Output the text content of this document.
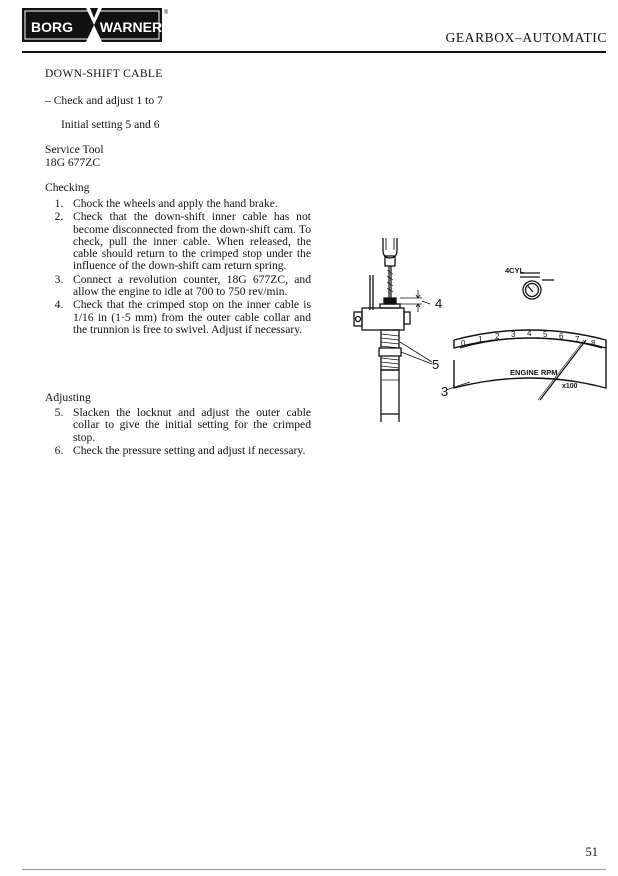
BORG WARNER
®
GEARBOX–AUTOMATIC
DOWN-SHIFT CABLE
– Check and adjust 1 to 7
Initial setting 5 and 6
Service Tool
18G 677ZC
Checking
1. Chock the wheels and apply the hand brake.
2. Check that the down-shift inner cable has not become disconnected from the down-shift cam. To check, pull the inner cable. When released, the cable should return to the crimped stop under the influence of the down-shift cam return spring.
3. Connect a revolution counter, 18G 677ZC, and allow the engine to idle at 700 to 750 rev/min.
4. Check that the crimped stop on the inner cable is 1/16 in (1·5 mm) from the outer cable collar and the trunnion is free to swivel. Adjust if necessary.
Adjusting
5. Slacken the locknut and adjust the outer cable collar to give the initial setting for the crimped stop.
6. Check the pressure setting and adjust if necessary.
4
5
3
4CYL
ENGINE RPM
x100
0 1 2 3 4 5 6 7 8
51
